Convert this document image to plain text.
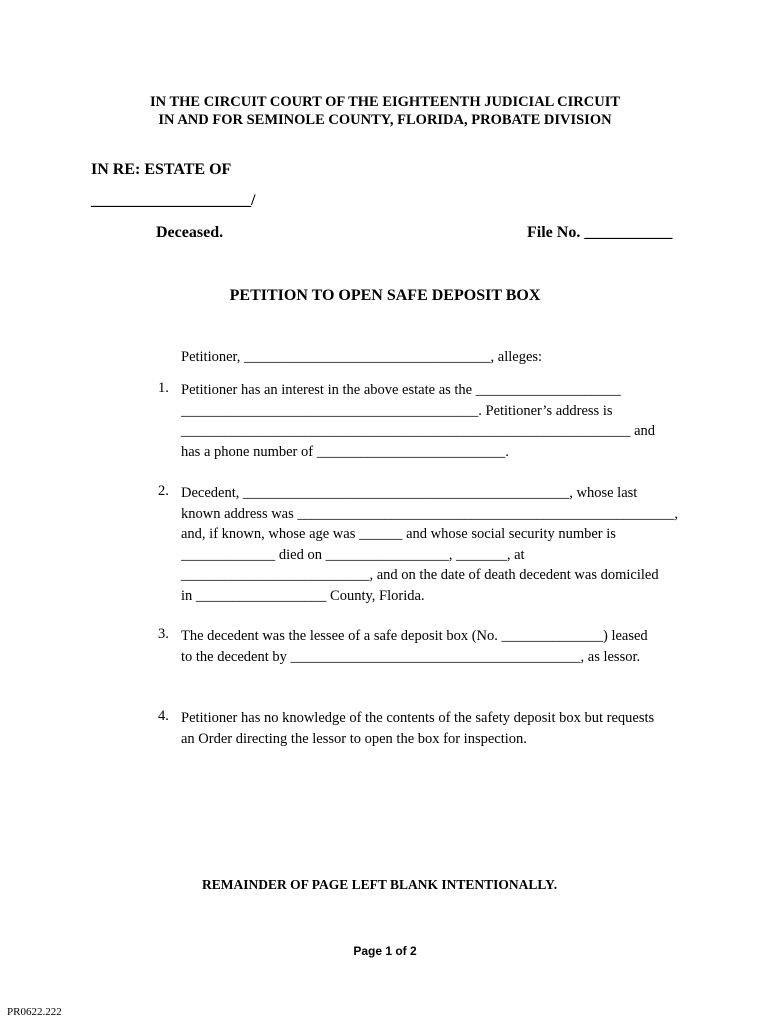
IN THE CIRCUIT COURT OF THE EIGHTEENTH JUDICIAL CIRCUIT
IN AND FOR SEMINOLE COUNTY, FLORIDA, PROBATE DIVISION
IN RE: ESTATE OF
____________________/
Deceased.	File No. ___________
PETITION TO OPEN SAFE DEPOSIT BOX
Petitioner, __________________________________, alleges:
1. Petitioner has an interest in the above estate as the ____________________
_________________________________________. Petitioner’s address is
______________________________________________________________ and
has a phone number of __________________________.
2. Decedent, _____________________________________________, whose last
known address was ____________________________________________________,
and, if known, whose age was ______ and whose social security number is
_____________ died on _________________, _______, at
__________________________, and on the date of death decedent was domiciled
in __________________ County, Florida.
3. The decedent was the lessee of a safe deposit box (No. ______________) leased
to the decedent by ________________________________________, as lessor.
4. Petitioner has no knowledge of the contents of the safety deposit box but requests
an Order directing the lessor to open the box for inspection.
REMAINDER OF PAGE LEFT BLANK INTENTIONALLY.
Page 1 of 2
PR0622.222
